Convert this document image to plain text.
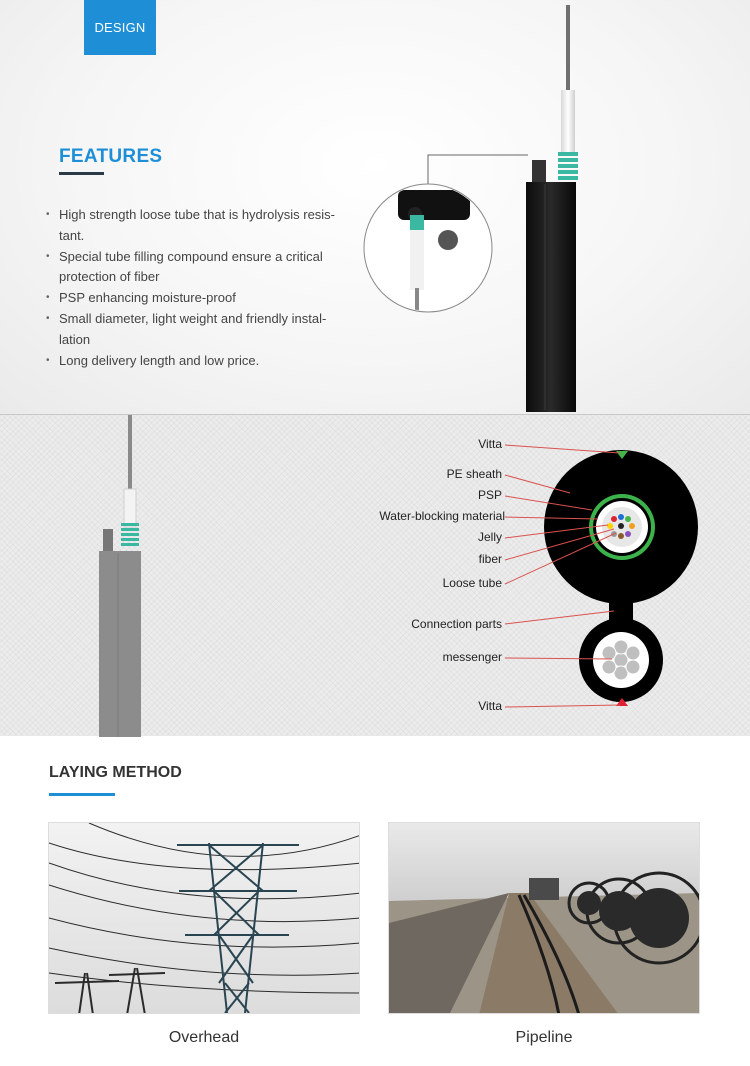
DESIGN
FEATURES
• High strength loose tube that is hydrolysis resis-
tant.
• Special tube filling compound ensure a critical
protection of fiber
• PSP enhancing moisture-proof
• Small diameter, light weight and friendly instal-
lation
• Long delivery length and low price.
Vitta
PE sheath
PSP
Water-blocking material
Jelly
fiber
Loose tube
Connection parts
messenger
Vitta
LAYING METHOD
Overhead	Pipeline
